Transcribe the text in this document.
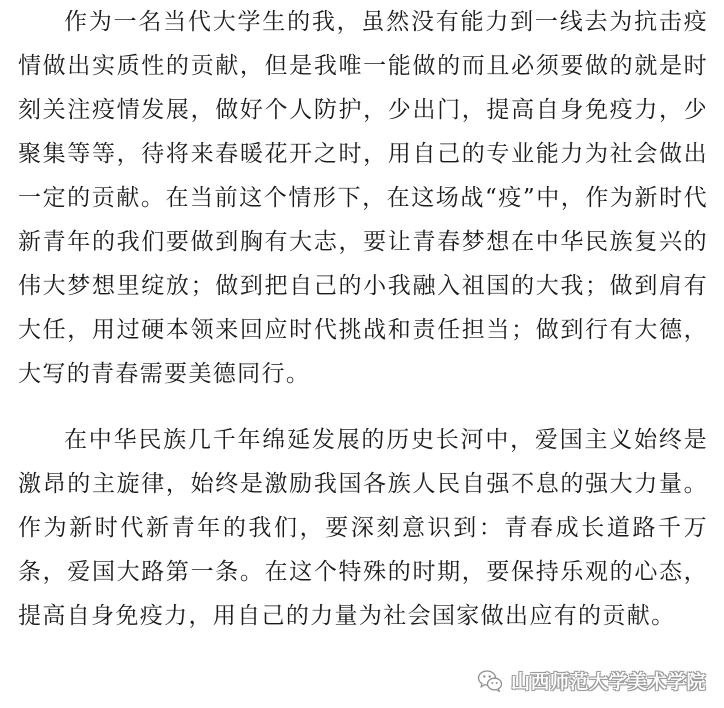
作为一名当代大学生的我，虽然没有能力到一线去为抗击疫情做出实质性的贡献，但是我唯一能做的而且必须要做的就是时刻关注疫情发展，做好个人防护，少出门，提高自身免疫力，少聚集等等，待将来春暖花开之时，用自己的专业能力为社会做出一定的贡献。在当前这个情形下，在这场战“疫”中，作为新时代新青年的我们要做到胸有大志，要让青春梦想在中华民族复兴的伟大梦想里绽放；做到把自己的小我融入祖国的大我；做到肩有大任，用过硬本领来回应时代挑战和责任担当；做到行有大德，大写的青春需要美德同行。

在中华民族几千年绵延发展的历史长河中，爱国主义始终是激昂的主旋律，始终是激励我国各族人民自强不息的强大力量。作为新时代新青年的我们，要深刻意识到：青春成长道路千万条，爱国大路第一条。在这个特殊的时期，要保持乐观的心态，提高自身免疫力，用自己的力量为社会国家做出应有的贡献。

山西师范大学美术学院
